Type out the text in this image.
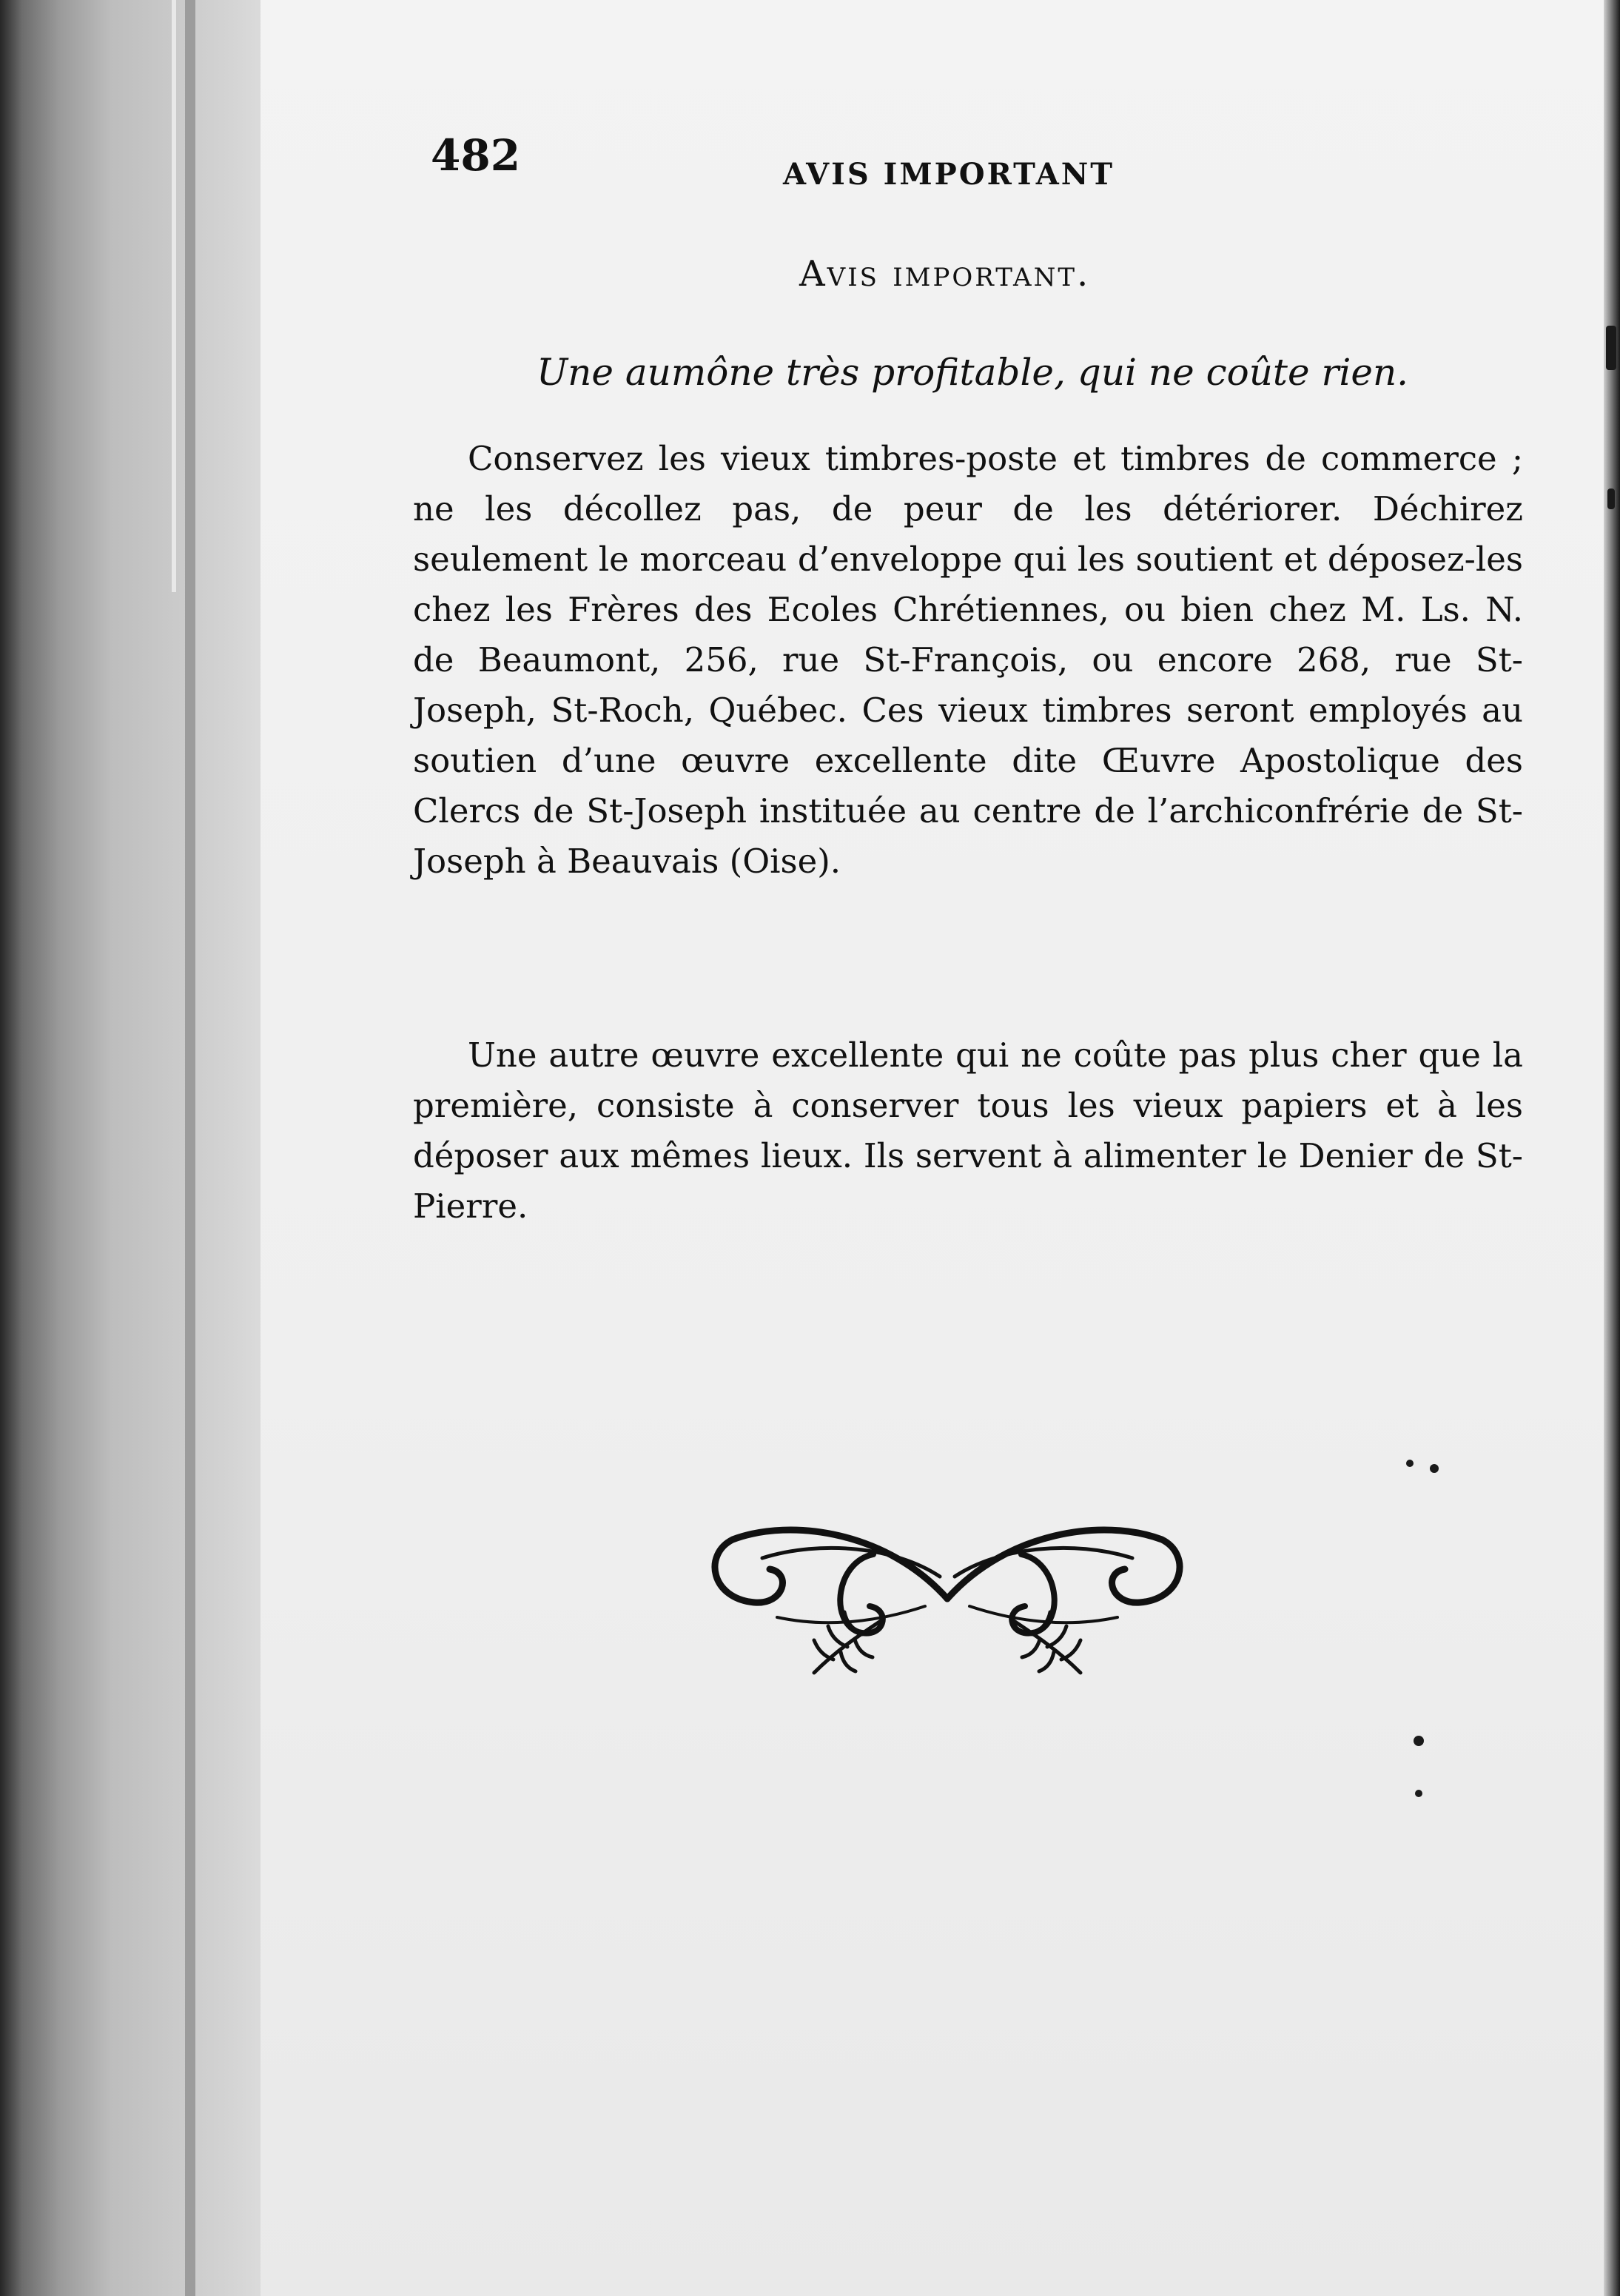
482	AVIS IMPORTANT
Avis important.
Une aumône très profitable, qui ne coûte rien.

Conservez les vieux timbres-poste et timbres de commerce ; ne les décollez pas, de peur de les détériorer. Déchirez seulement le morceau d’enveloppe qui les soutient et déposez-les chez les Frères des Ecoles Chrétiennes, ou bien chez M. Ls. N. de Beaumont, 256, rue St-François, ou encore 268, rue St-Joseph, St-Roch, Québec. Ces vieux timbres seront employés au soutien d’une œuvre excellente dite Œuvre Apostolique des Clercs de St-Joseph instituée au centre de l’archiconfrérie de St-Joseph à Beauvais (Oise).

Une autre œuvre excellente qui ne coûte pas plus cher que la première, consiste à conserver tous les vieux papiers et à les déposer aux mêmes lieux. Ils servent à alimenter le Denier de St-Pierre.
